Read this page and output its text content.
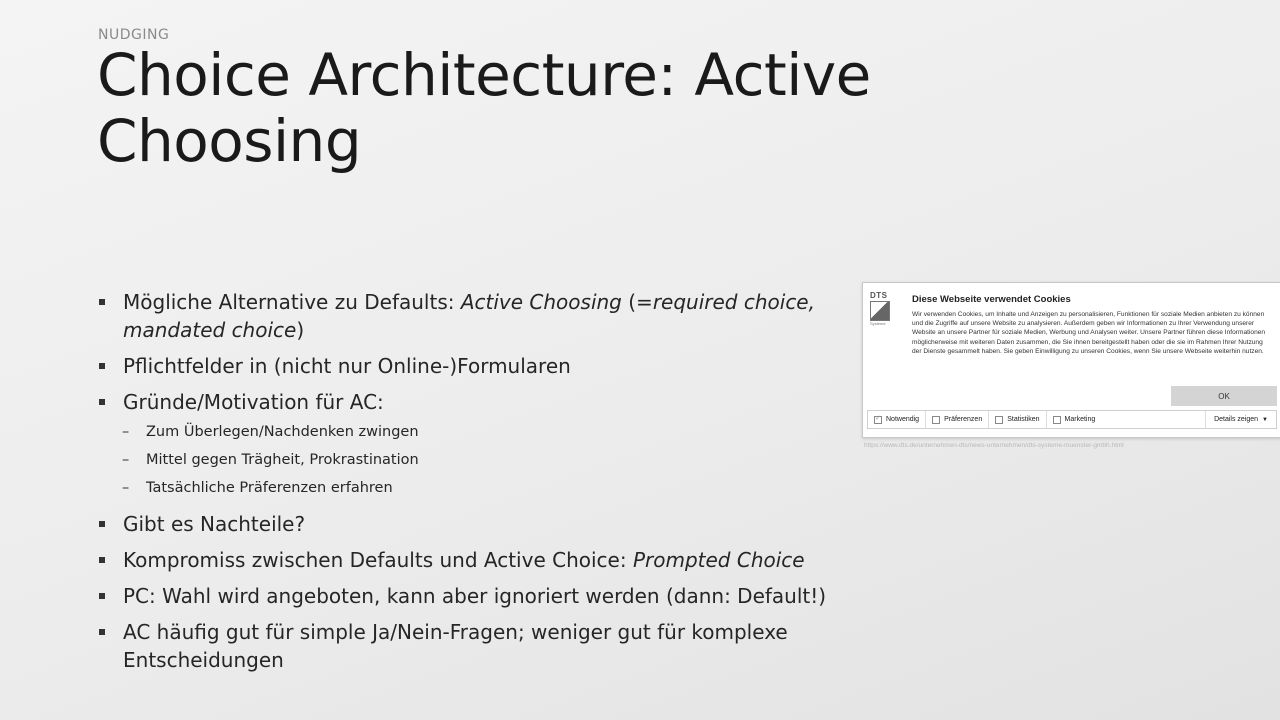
NUDGING
Choice Architecture: Active Choosing
Mögliche Alternative zu Defaults: Active Choosing (=required choice, mandated choice)
Pflichtfelder in (nicht nur Online-)Formularen
Gründe/Motivation für AC:
– Zum Überlegen/Nachdenken zwingen
– Mittel gegen Trägheit, Prokrastination
– Tatsächliche Präferenzen erfahren
Gibt es Nachteile?
Kompromiss zwischen Defaults und Active Choice: Prompted Choice
PC: Wahl wird angeboten, kann aber ignoriert werden (dann: Default!)
AC häufig gut für simple Ja/Nein-Fragen; weniger gut für komplexe Entscheidungen
DTS
Systeme
Diese Webseite verwendet Cookies
Wir verwenden Cookies, um Inhalte und Anzeigen zu personalisieren, Funktionen für soziale Medien anbieten zu können und die Zugriffe auf unsere Website zu analysieren. Außerdem geben wir Informationen zu Ihrer Verwendung unserer Website an unsere Partner für soziale Medien, Werbung und Analysen weiter. Unsere Partner führen diese Informationen möglicherweise mit weiteren Daten zusammen, die Sie ihnen bereitgestellt haben oder die sie im Rahmen Ihrer Nutzung der Dienste gesammelt haben. Sie geben Einwilligung zu unseren Cookies, wenn Sie unsere Webseite weiterhin nutzen.
OK
✓
Notwendig	Präferenzen	Statistiken	Marketing	Details zeigen ▼
https://www.dts.de/unternehmen-dts/news-unternehmen/dts-systeme-muenster-gmbh.html
